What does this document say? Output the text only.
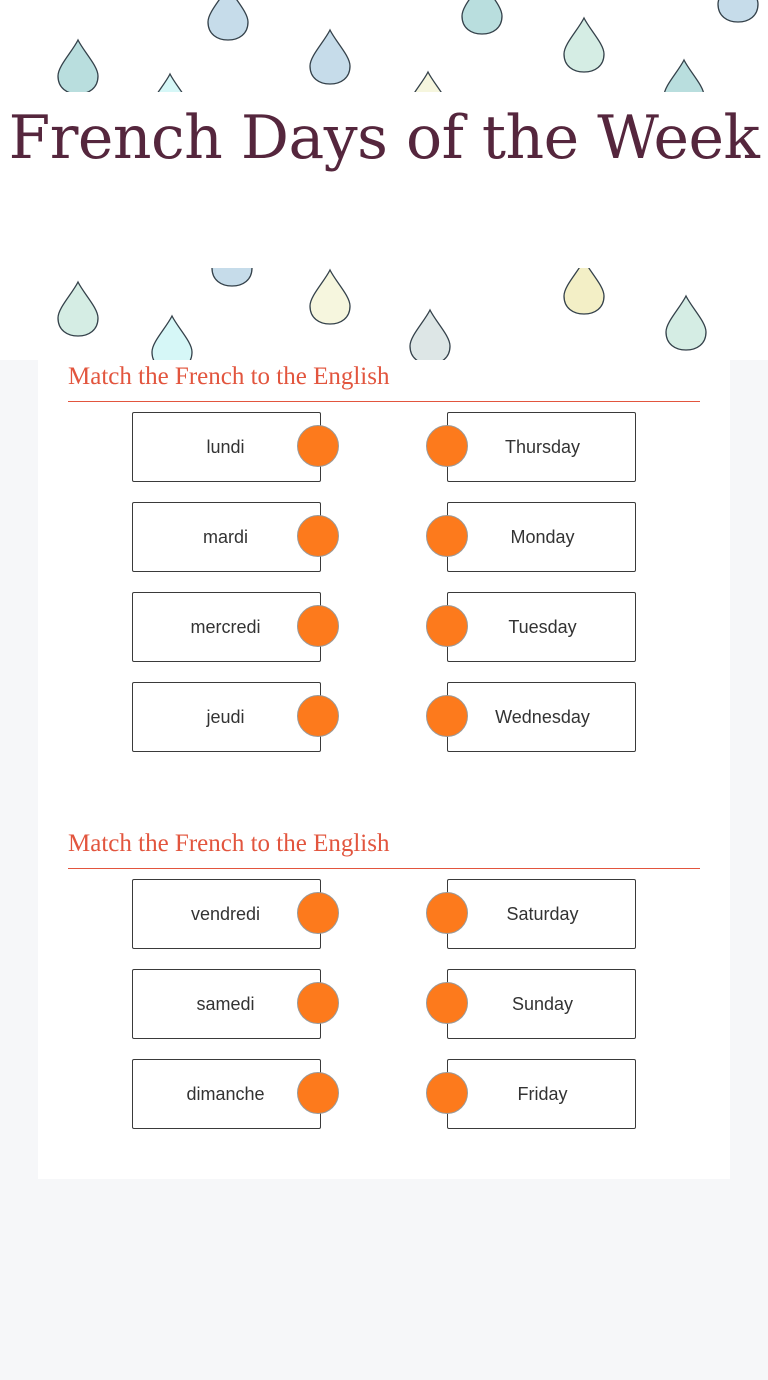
French Days of the Week
Match the French to the English
lundi	Thursday
mardi	Monday
mercredi	Tuesday
jeudi	Wednesday
Match the French to the English
vendredi	Saturday
samedi	Sunday
dimanche	Friday
